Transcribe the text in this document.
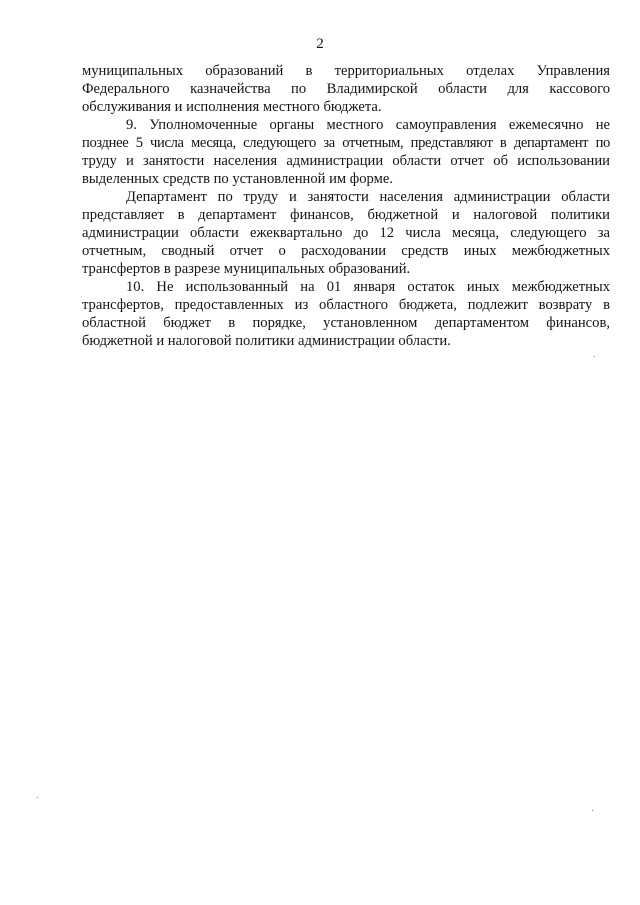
2
муниципальных образований в территориальных отделах Управления
Федерального казначейства по Владимирской области для кассового
обслуживания и исполнения местного бюджета.
9. Уполномоченные органы местного самоуправления ежемесячно не
позднее 5 числа месяца, следующего за отчетным, представляют в департамент по
труду и занятости населения администрации области отчет об использовании
выделенных средств по установленной им форме.
Департамент по труду и занятости населения администрации области
представляет в департамент финансов, бюджетной и налоговой политики
администрации области ежеквартально до 12 числа месяца, следующего за
отчетным, сводный отчет о расходовании средств иных межбюджетных
трансфертов в разрезе муниципальных образований.
10. Не использованный на 01 января остаток иных межбюджетных
трансфертов, предоставленных из областного бюджета, подлежит возврату в
областной бюджет в порядке, установленном департаментом финансов,
бюджетной и налоговой политики администрации области.
